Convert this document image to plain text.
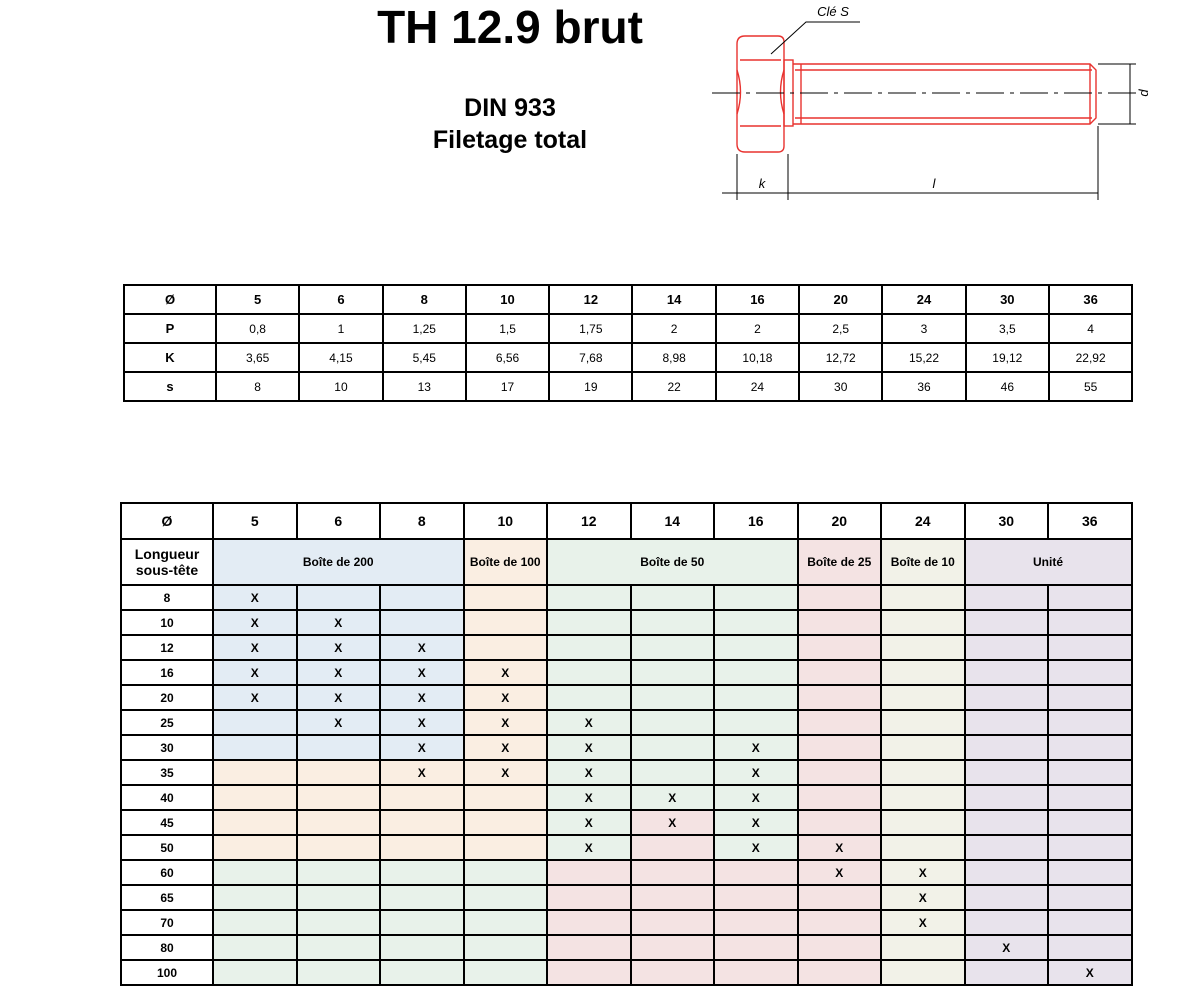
TH 12.9 brut
DIN 933
Filetage total
Clé S
d
k	l
Ø	5	6	8	10	12	14	16	20	24	30	36
P	0,8	1	1,25	1,5	1,75	2	2	2,5	3	3,5	4
K	3,65	4,15	5,45	6,56	7,68	8,98	10,18	12,72	15,22	19,12	22,92
s	8	10	13	17	19	22	24	30	36	46	55
Ø	5	6	8	10	12	14	16	20	24	30	36
Longueur sous-tête	Boîte de 200			Boîte de 100	Boîte de 50			Boîte de 25	Boîte de 10	Unité	
8	X										
10	X	X									
12	X	X	X								
16	X	X	X	X							
20	X	X	X	X							
25		X	X	X	X						
30			X	X	X		X				
35			X	X	X		X				
40					X	X	X				
45					X	X	X				
50					X		X	X			
60								X	X		
65									X		
70									X		
80										X	
100											X
